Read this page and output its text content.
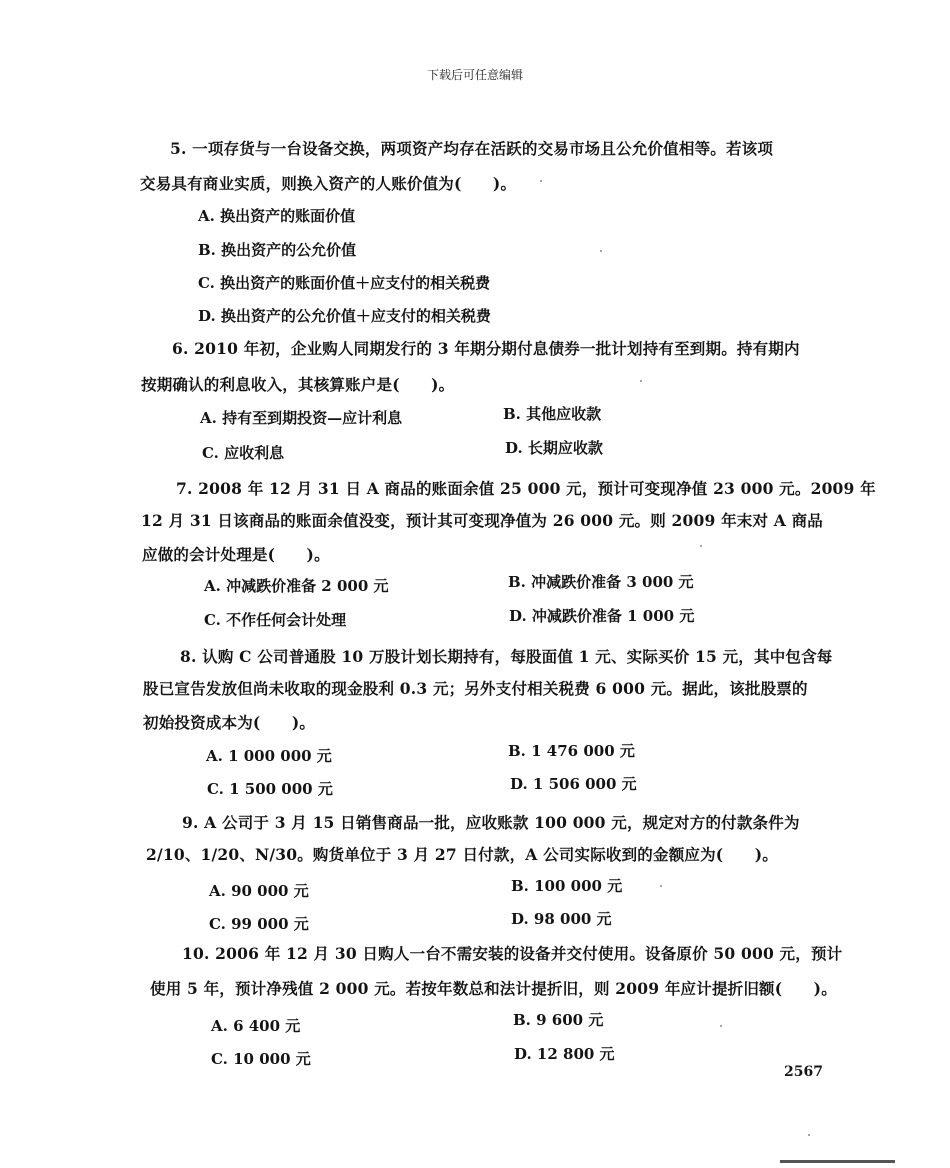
下载后可任意编辑
5. 一项存货与一台设备交换，两项资产均存在活跃的交易市场且公允价值相等。若该项
交易具有商业实质，则换入资产的人账价值为(　　)。
A. 换出资产的账面价值
B. 换出资产的公允价值
C. 换出资产的账面价值＋应支付的相关税费
D. 换出资产的公允价值＋应支付的相关税费
6. 2010 年初，企业购人同期发行的 3 年期分期付息债券一批计划持有至到期。持有期内
按期确认的利息收入，其核算账户是(　　)。
A. 持有至到期投资—应计利息	B. 其他应收款
C. 应收利息	D. 长期应收款
7. 2008 年 12 月 31 日 A 商品的账面余值 25 000 元，预计可变现净值 23 000 元。2009 年
12 月 31 日该商品的账面余值没变，预计其可变现净值为 26 000 元。则 2009 年末对 A 商品
应做的会计处理是(　　)。
A. 冲减跌价准备 2 000 元	B. 冲减跌价准备 3 000 元
C. 不作任何会计处理	D. 冲减跌价准备 1 000 元
8. 认购 C 公司普通股 10 万股计划长期持有，每股面值 1 元、实际买价 15 元，其中包含每
股已宣告发放但尚未收取的现金股利 0.3 元；另外支付相关税费 6 000 元。据此，该批股票的
初始投资成本为(　　)。
A. 1 000 000 元	B. 1 476 000 元
C. 1 500 000 元	D. 1 506 000 元
9. A 公司于 3 月 15 日销售商品一批，应收账款 100 000 元，规定对方的付款条件为
2/10、1/20、N/30。购货单位于 3 月 27 日付款，A 公司实际收到的金额应为(　　)。
A. 90 000 元	B. 100 000 元
C. 99 000 元	D. 98 000 元
10. 2006 年 12 月 30 日购人一台不需安装的设备并交付使用。设备原价 50 000 元，预计
使用 5 年，预计净残值 2 000 元。若按年数总和法计提折旧，则 2009 年应计提折旧额(　　)。
A. 6 400 元	B. 9 600 元
C. 10 000 元	D. 12 800 元
2567
